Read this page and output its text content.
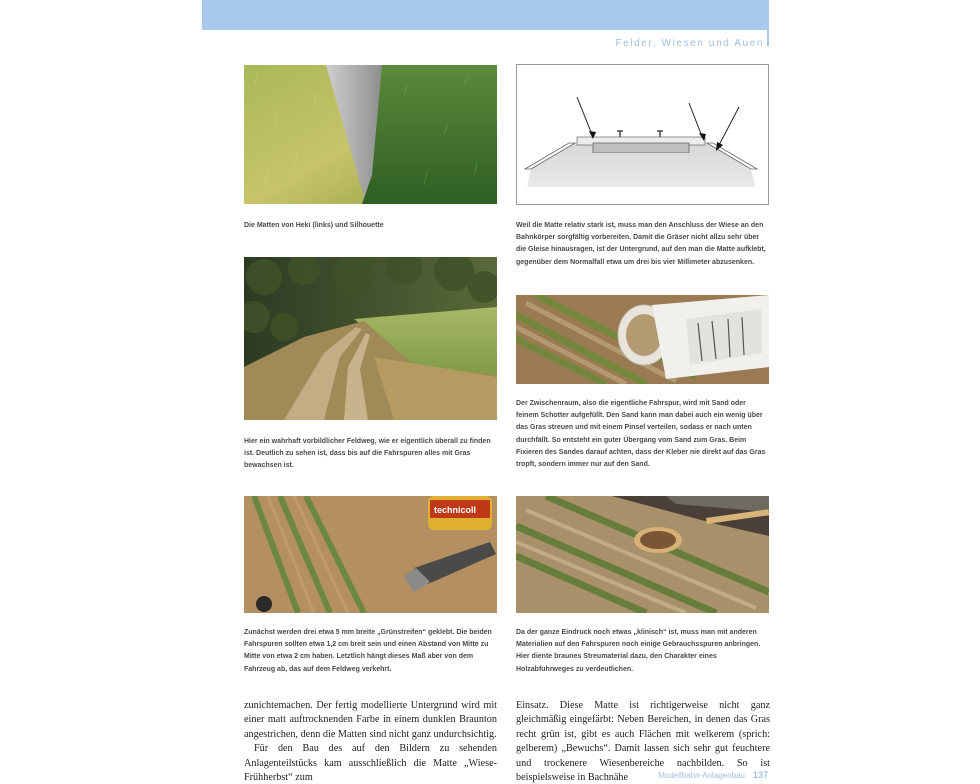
Felder, Wiesen und Auen
Die Matten von Heki (links) und Silhouette	Weil die Matte relativ stark ist, muss man den Anschluss der Wiese an den Bahnkörper sorgfältig vorbereiten. Damit die Gräser nicht allzu sehr über die Gleise hinausragen, ist der Untergrund, auf den man die Matte aufklebt, gegenüber dem Normalfall etwa um drei bis vier Millimeter abzusenken.
Hier ein wahrhaft vorbildlicher Feldweg, wie er eigentlich überall zu finden ist. Deutlich zu sehen ist, dass bis auf die Fahrspuren alles mit Gras bewachsen ist.
Der Zwischenraum, also die eigentliche Fahrspur, wird mit Sand oder feinem Schotter aufgefüllt. Den Sand kann man dabei auch ein wenig über das Gras streuen und mit einem Pinsel verteilen, sodass er nach unten durchfällt. So entsteht ein guter Übergang vom Sand zum Gras. Beim Fixieren des Sandes darauf achten, dass der Kleber nie direkt auf das Gras tropft, sondern immer nur auf den Sand.
technicoll
Zunächst werden drei etwa 5 mm breite „Grünstreifen“ geklebt. Die beiden Fahrspuren sollten etwa 1,2 cm breit sein und einen Abstand von Mitte zu Mitte von etwa 2 cm haben. Letztlich hängt dieses Maß aber von dem Fahrzeug ab, das auf dem Feldweg verkehrt.
Da der ganze Eindruck noch etwas „klinisch“ ist, muss man mit anderen Materialien auf den Fahrspuren noch einige Gebrauchsspuren anbringen. Hier diente braunes Streumaterial dazu, den Charakter eines Holzabfuhrweges zu verdeutlichen.

zunichtemachen. Der fertig modellierte Untergrund wird mit einer matt auftrocknenden Farbe in einem dunklen Braunton angestrichen, denn die Matten sind nicht ganz undurchsichtig.

Für den Bau des auf den Bildern zu sehenden Anlagenteilstücks kam ausschließlich die Matte „Wiese-Frühherbst“ zum

Einsatz. Diese Matte ist richtigerweise nicht ganz gleichmäßig eingefärbt: Neben Bereichen, in denen das Gras recht grün ist, gibt es auch Flächen mit welkerem (sprich: gelberem) „Bewuchs“. Damit lassen sich sehr gut feuchtere und trockenere Wiesenbereiche nachbilden. So ist beispielsweise in Bachnähe	Modellbahn-Anlagenbau 137
